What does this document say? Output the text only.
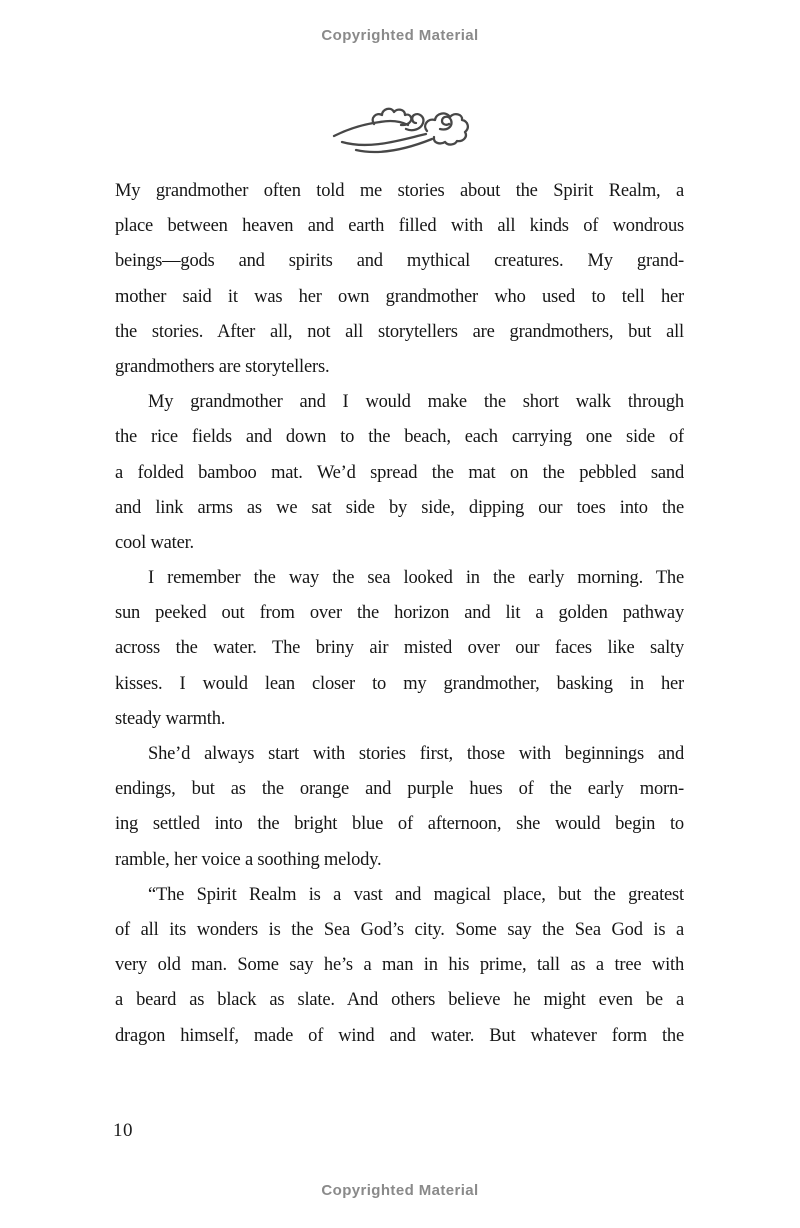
Copyrighted Material
My grandmother often told me stories about the Spirit Realm, a
place between heaven and earth filled with all kinds of wondrous
beings—gods and spirits and mythical creatures. My grand-
mother said it was her own grandmother who used to tell her
the stories. After all, not all storytellers are grandmothers, but all
grandmothers are storytellers.
My grandmother and I would make the short walk through
the rice fields and down to the beach, each carrying one side of
a folded bamboo mat. We’d spread the mat on the pebbled sand
and link arms as we sat side by side, dipping our toes into the
cool water.
I remember the way the sea looked in the early morning. The
sun peeked out from over the horizon and lit a golden pathway
across the water. The briny air misted over our faces like salty
kisses. I would lean closer to my grandmother, basking in her
steady warmth.
She’d always start with stories first, those with beginnings and
endings, but as the orange and purple hues of the early morn-
ing settled into the bright blue of afternoon, she would begin to
ramble, her voice a soothing melody.
“The Spirit Realm is a vast and magical place, but the greatest
of all its wonders is the Sea God’s city. Some say the Sea God is a
very old man. Some say he’s a man in his prime, tall as a tree with
a beard as black as slate. And others believe he might even be a
dragon himself, made of wind and water. But whatever form the
10
Copyrighted Material
